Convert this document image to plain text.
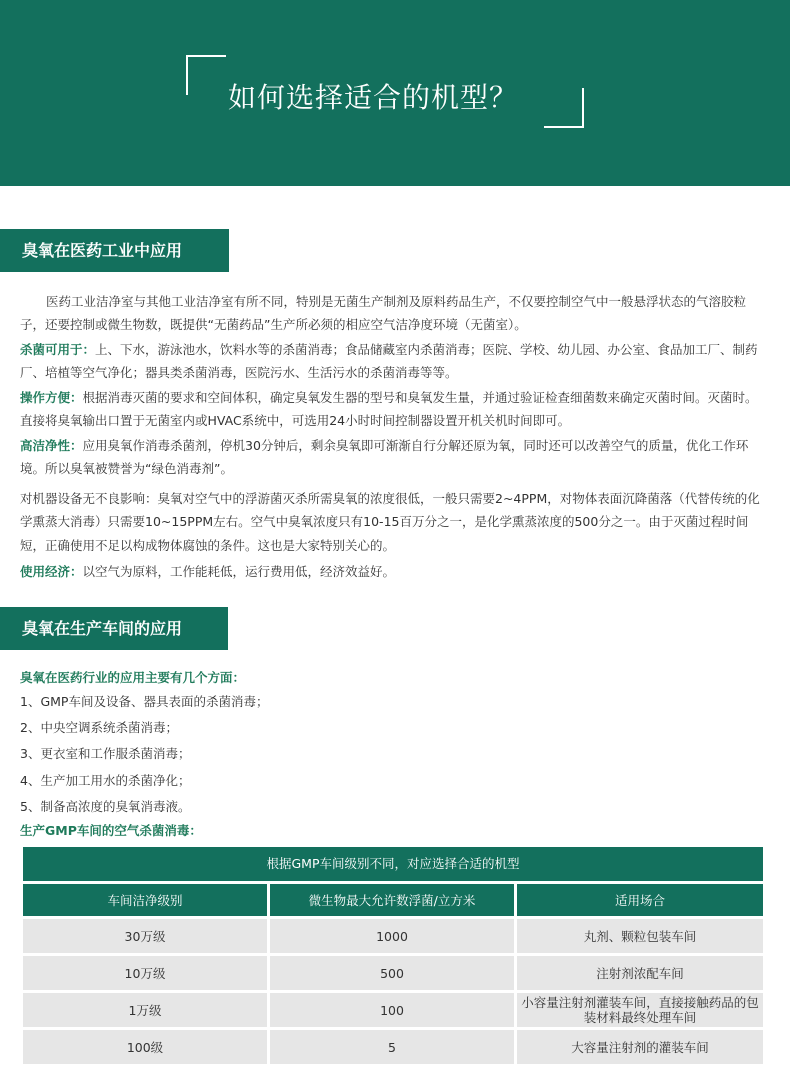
如何选择适合的机型？
臭氧在医药工业中应用

医药工业洁净室与其他工业洁净室有所不同，特别是无菌生产制剂及原料药品生产，不仅要控制空气中一般悬浮状态的气溶胶粒子，还要控制或微生物数，既提供“无菌药品”生产所必须的相应空气洁净度环境（无菌室）。

杀菌可用于：上、下水，游泳池水，饮料水等的杀菌消毒；食品储藏室内杀菌消毒；医院、学校、幼儿园、办公室、食品加工厂、制药厂、培植等空气净化；器具类杀菌消毒，医院污水、生活污水的杀菌消毒等等。

操作方便：根据消毒灭菌的要求和空间体积，确定臭氧发生器的型号和臭氧发生量，并通过验证检查细菌数来确定灭菌时间。灭菌时。直接将臭氧输出口置于无菌室内或HVAC系统中，可选用24小时时间控制器设置开机关机时间即可。

高洁净性：应用臭氧作消毒杀菌剂，停机30分钟后，剩余臭氧即可渐渐自行分解还原为氧，同时还可以改善空气的质量，优化工作环境。所以臭氧被赞誉为“绿色消毒剂”。

对机器设备无不良影响：臭氧对空气中的浮游菌灭杀所需臭氧的浓度很低，一般只需要2~4PPM，对物体表面沉降菌落（代替传统的化学熏蒸大消毒）只需要10~15PPM左右。空气中臭氧浓度只有10-15百万分之一，是化学熏蒸浓度的500分之一。由于灭菌过程时间短，正确使用不足以构成物体腐蚀的条件。这也是大家特别关心的。

使用经济：以空气为原料，工作能耗低，运行费用低，经济效益好。

臭氧在生产车间的应用
臭氧在医药行业的应用主要有几个方面：
1、GMP车间及设备、器具表面的杀菌消毒；
2、中央空调系统杀菌消毒；
3、更衣室和工作服杀菌消毒；
4、生产加工用水的杀菌净化；
5、制备高浓度的臭氧消毒液。
生产GMP车间的空气杀菌消毒：
根据GMP车间级别不同，对应选择合适的机型
车间洁净级别	微生物最大允许数浮菌/立方米	适用场合
30万级	1000	丸剂、颗粒包装车间
10万级	500	注射剂浓配车间
1万级	100	小容量注射剂灌装车间，直接接触药品的包装材料最终处理车间
100级	5	大容量注射剂的灌装车间
